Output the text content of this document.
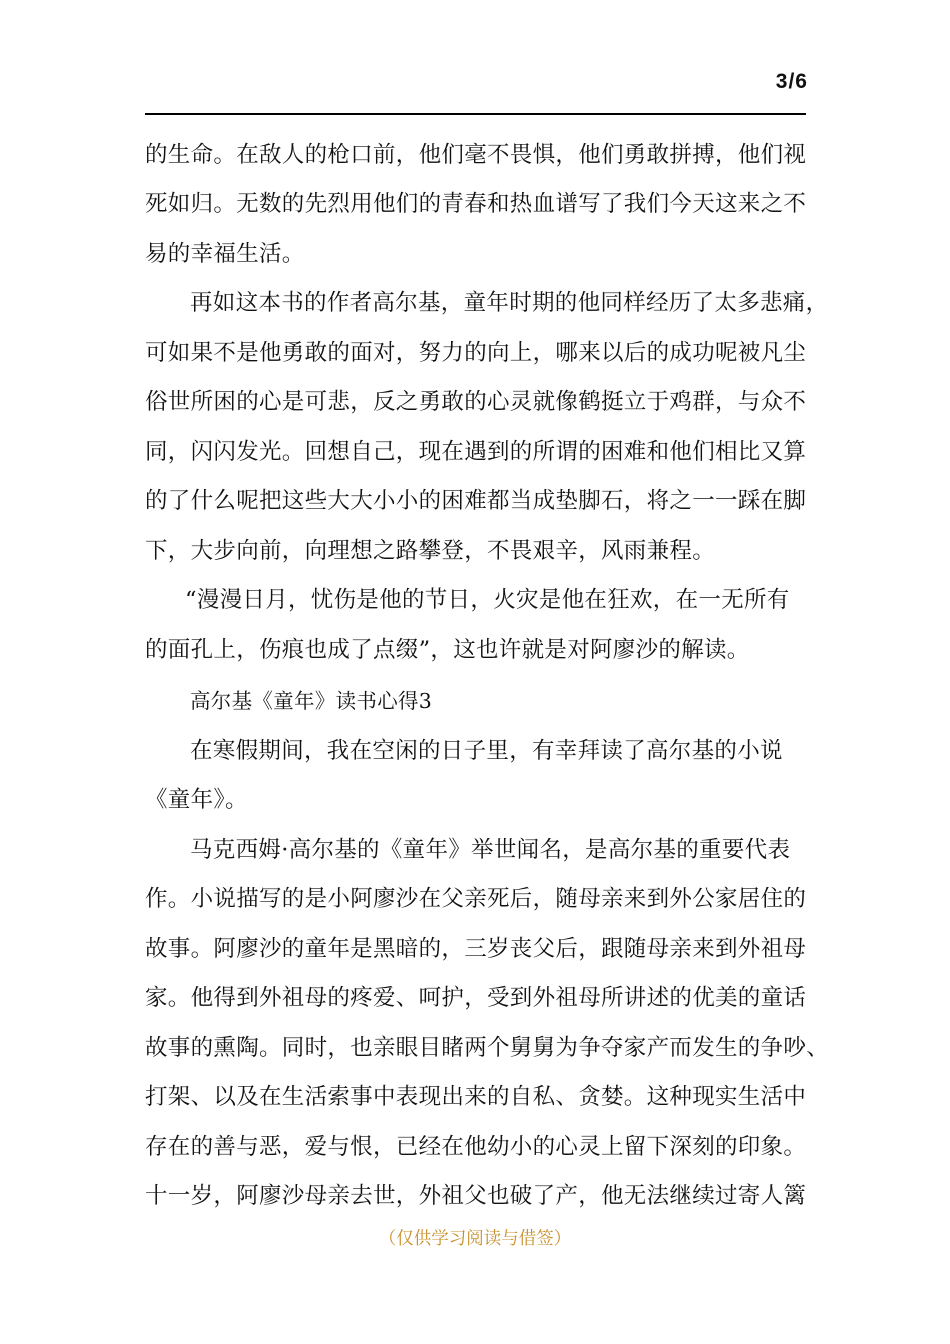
3/6
的生命。在敌人的枪口前，他们毫不畏惧，他们勇敢拼搏，他们视
死如归。无数的先烈用他们的青春和热血谱写了我们今天这来之不
易的幸福生活。
再如这本书的作者高尔基，童年时期的他同样经历了太多悲痛，
可如果不是他勇敢的面对，努力的向上，哪来以后的成功呢被凡尘
俗世所困的心是可悲，反之勇敢的心灵就像鹤挺立于鸡群，与众不
同，闪闪发光。回想自己，现在遇到的所谓的困难和他们相比又算
的了什么呢把这些大大小小的困难都当成垫脚石，将之一一踩在脚
下，大步向前，向理想之路攀登，不畏艰辛，风雨兼程。
“漫漫日月，忧伤是他的节日，火灾是他在狂欢，在一无所有
的面孔上，伤痕也成了点缀”，这也许就是对阿廖沙的解读。
高尔基《童年》读书心得3
在寒假期间，我在空闲的日子里，有幸拜读了高尔基的小说
《童年》。
马克西姆·高尔基的《童年》举世闻名，是高尔基的重要代表
作。小说描写的是小阿廖沙在父亲死后，随母亲来到外公家居住的
故事。阿廖沙的童年是黑暗的，三岁丧父后，跟随母亲来到外祖母
家。他得到外祖母的疼爱、呵护，受到外祖母所讲述的优美的童话
故事的熏陶。同时，也亲眼目睹两个舅舅为争夺家产而发生的争吵、
打架、以及在生活索事中表现出来的自私、贪婪。这种现实生活中
存在的善与恶，爱与恨，已经在他幼小的心灵上留下深刻的印象。
十一岁，阿廖沙母亲去世，外祖父也破了产，他无法继续过寄人篱
（仅供学习阅读与借签）
